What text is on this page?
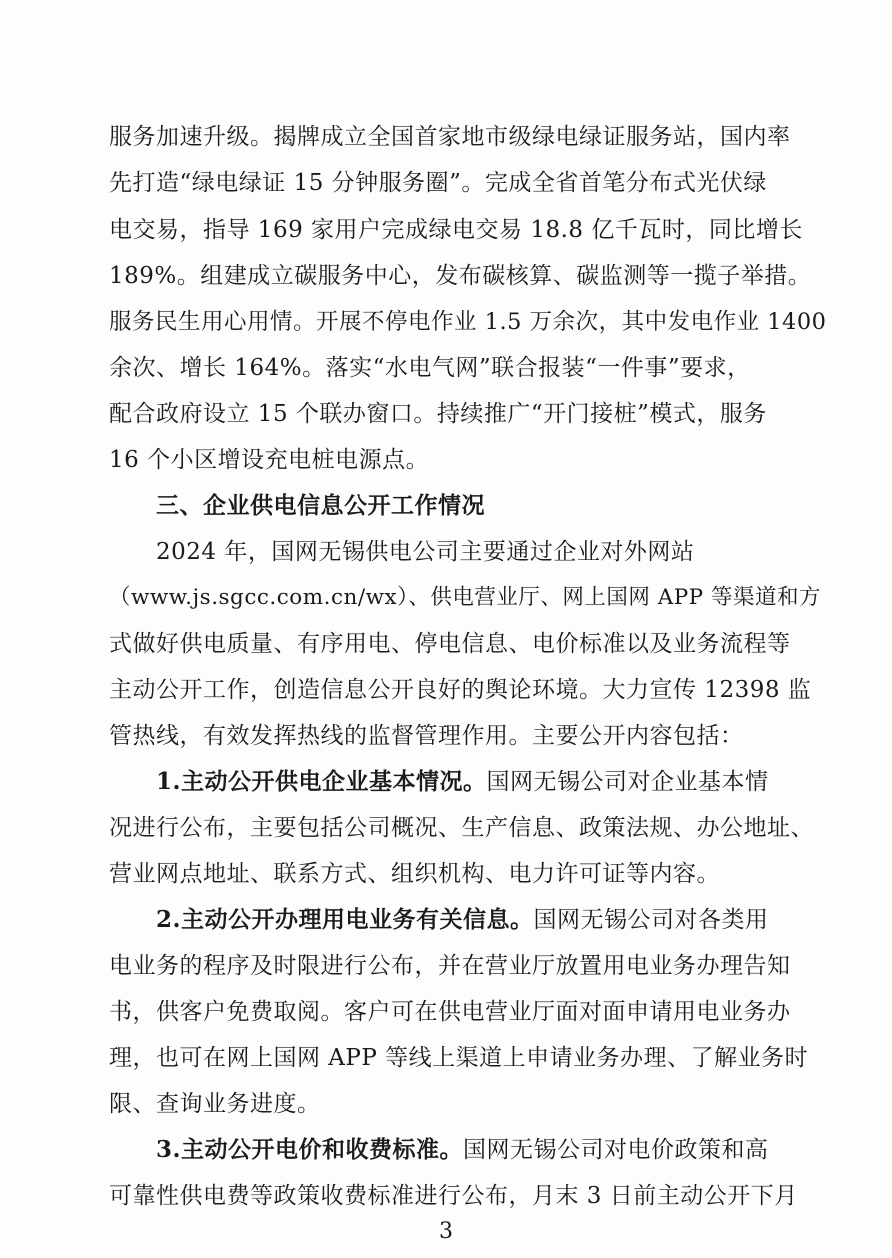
服务加速升级。揭牌成立全国首家地市级绿电绿证服务站，国内率
先打造“绿电绿证 15 分钟服务圈”。完成全省首笔分布式光伏绿
电交易，指导 169 家用户完成绿电交易 18.8 亿千瓦时，同比增长
189%。组建成立碳服务中心，发布碳核算、碳监测等一揽子举措。
服务民生用心用情。开展不停电作业 1.5 万余次，其中发电作业 1400
余次、增长 164%。落实“水电气网”联合报装“一件事”要求，
配合政府设立 15 个联办窗口。持续推广“开门接桩”模式，服务
16 个小区增设充电桩电源点。
三、企业供电信息公开工作情况
2024 年，国网无锡供电公司主要通过企业对外网站
（www.js.sgcc.com.cn/wx）、供电营业厅、网上国网 APP 等渠道和方
式做好供电质量、有序用电、停电信息、电价标准以及业务流程等
主动公开工作，创造信息公开良好的舆论环境。大力宣传 12398 监
管热线，有效发挥热线的监督管理作用。主要公开内容包括：
1.主动公开供电企业基本情况。国网无锡公司对企业基本情
况进行公布，主要包括公司概况、生产信息、政策法规、办公地址、
营业网点地址、联系方式、组织机构、电力许可证等内容。
2.主动公开办理用电业务有关信息。国网无锡公司对各类用
电业务的程序及时限进行公布，并在营业厅放置用电业务办理告知
书，供客户免费取阅。客户可在供电营业厅面对面申请用电业务办
理，也可在网上国网 APP 等线上渠道上申请业务办理、了解业务时
限、查询业务进度。
3.主动公开电价和收费标准。国网无锡公司对电价政策和高
可靠性供电费等政策收费标准进行公布，月末 3 日前主动公开下月
3
